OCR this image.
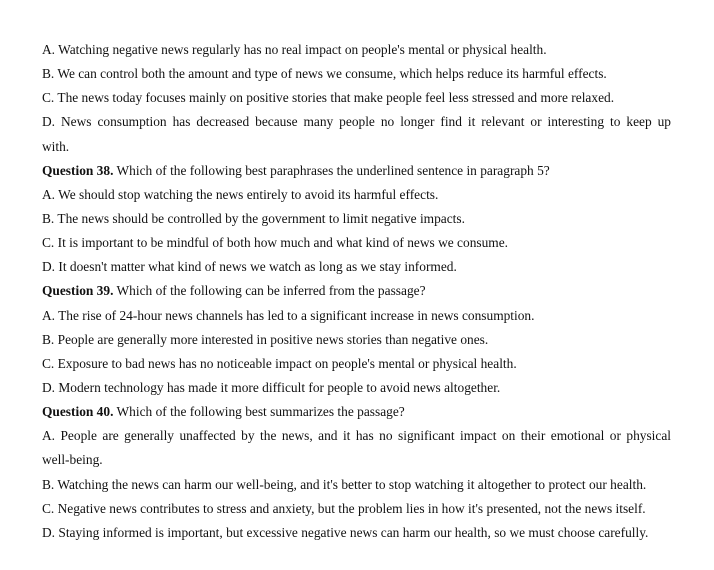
A. Watching negative news regularly has no real impact on people's mental or physical health.
B. We can control both the amount and type of news we consume, which helps reduce its harmful effects.
C. The news today focuses mainly on positive stories that make people feel less stressed and more relaxed.
D. News consumption has decreased because many people no longer find it relevant or interesting to keep up
with.
Question 38. Which of the following best paraphrases the underlined sentence in paragraph 5?
A. We should stop watching the news entirely to avoid its harmful effects.
B. The news should be controlled by the government to limit negative impacts.
C. It is important to be mindful of both how much and what kind of news we consume.
D. It doesn't matter what kind of news we watch as long as we stay informed.
Question 39. Which of the following can be inferred from the passage?
A. The rise of 24-hour news channels has led to a significant increase in news consumption.
B. People are generally more interested in positive news stories than negative ones.
C. Exposure to bad news has no noticeable impact on people's mental or physical health.
D. Modern technology has made it more difficult for people to avoid news altogether.
Question 40. Which of the following best summarizes the passage?
A. People are generally unaffected by the news, and it has no significant impact on their emotional or physical
well-being.
B. Watching the news can harm our well-being, and it's better to stop watching it altogether to protect our health.
C. Negative news contributes to stress and anxiety, but the problem lies in how it's presented, not the news itself.
D. Staying informed is important, but excessive negative news can harm our health, so we must choose carefully.
